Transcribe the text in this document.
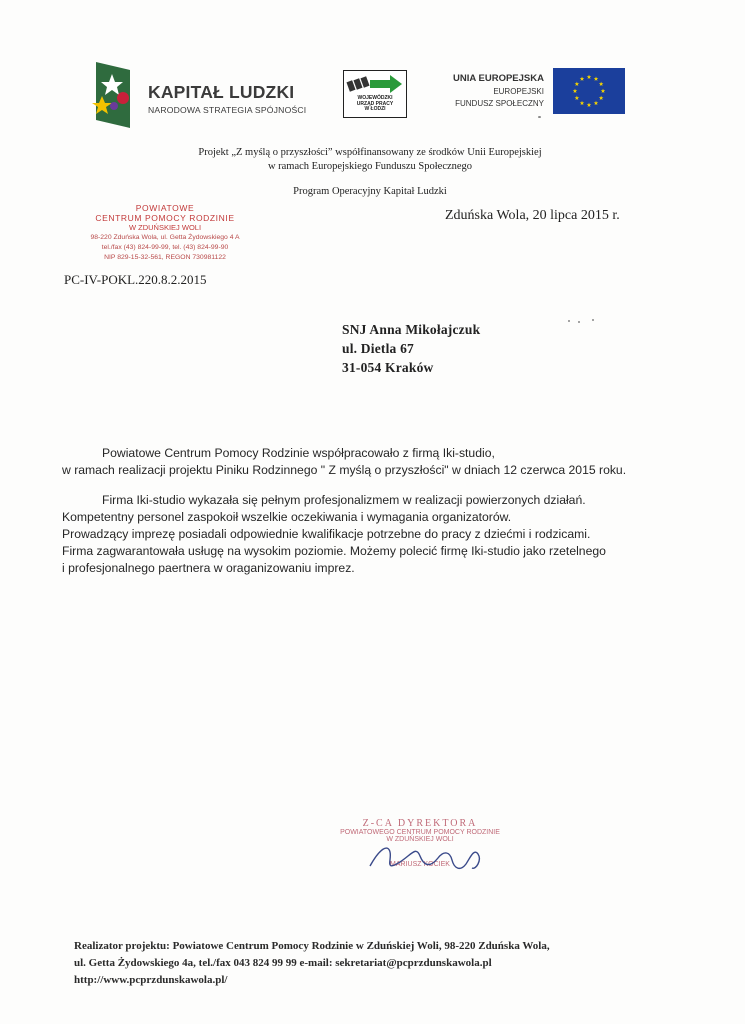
KAPITAŁ LUDZKI
NARODOWA STRATEGIA SPÓJNOŚCI
WOJEWÓDZKI
URZĄD PRACY
W ŁODZI
UNIA EUROPEJSKA
EUROPEJSKI
FUNDUSZ SPOŁECZNY
Projekt „Z myślą o przyszłości” współfinansowany ze środków Unii Europejskiej
w ramach Europejskiego Funduszu Społecznego
Program Operacyjny Kapitał Ludzki
POWIATOWE
CENTRUM POMOCY RODZINIE
W ZDUŃSKIEJ WOLI
98-220 Zduńska Wola, ul. Getta Żydowskiego 4 A
tel./fax (43) 824-99-99, tel. (43) 824-99-90
NIP 829-15-32-561, REGON 730981122
Zduńska Wola, 20 lipca 2015 r.
PC-IV-POKL.220.8.2.2015
SNJ Anna Mikołajczuk
ul. Dietla 67
31-054 Kraków
Powiatowe Centrum Pomocy Rodzinie współpracowało z firmą Iki-studio,
w ramach realizacji projektu Piniku Rodzinnego " Z myślą o przyszłości" w dniach 12 czerwca 2015 roku.
Firma Iki-studio wykazała się pełnym profesjonalizmem w realizacji powierzonych działań.
Kompetentny personel zaspokoił wszelkie oczekiwania i wymagania organizatorów.
Prowadzący imprezę posiadali odpowiednie kwalifikacje potrzebne do pracy z dziećmi i rodzicami.
Firma zagwarantowała usługę na wysokim poziomie. Możemy polecić firmę Iki-studio jako rzetelnego
i profesjonalnego paertnera w oraganizowaniu imprez.
Z-CA DYREKTORA
POWIATOWEGO CENTRUM POMOCY RODZINIE
W ZDUŃSKIEJ WOLI
MARIUSZ KOCIEK
Realizator projektu: Powiatowe Centrum Pomocy Rodzinie w Zduńskiej Woli, 98-220 Zduńska Wola,
ul. Getta Żydowskiego 4a, tel./fax 043 824 99 99 e-mail: sekretariat@pcprzdunskawola.pl
http://www.pcprzdunskawola.pl/
